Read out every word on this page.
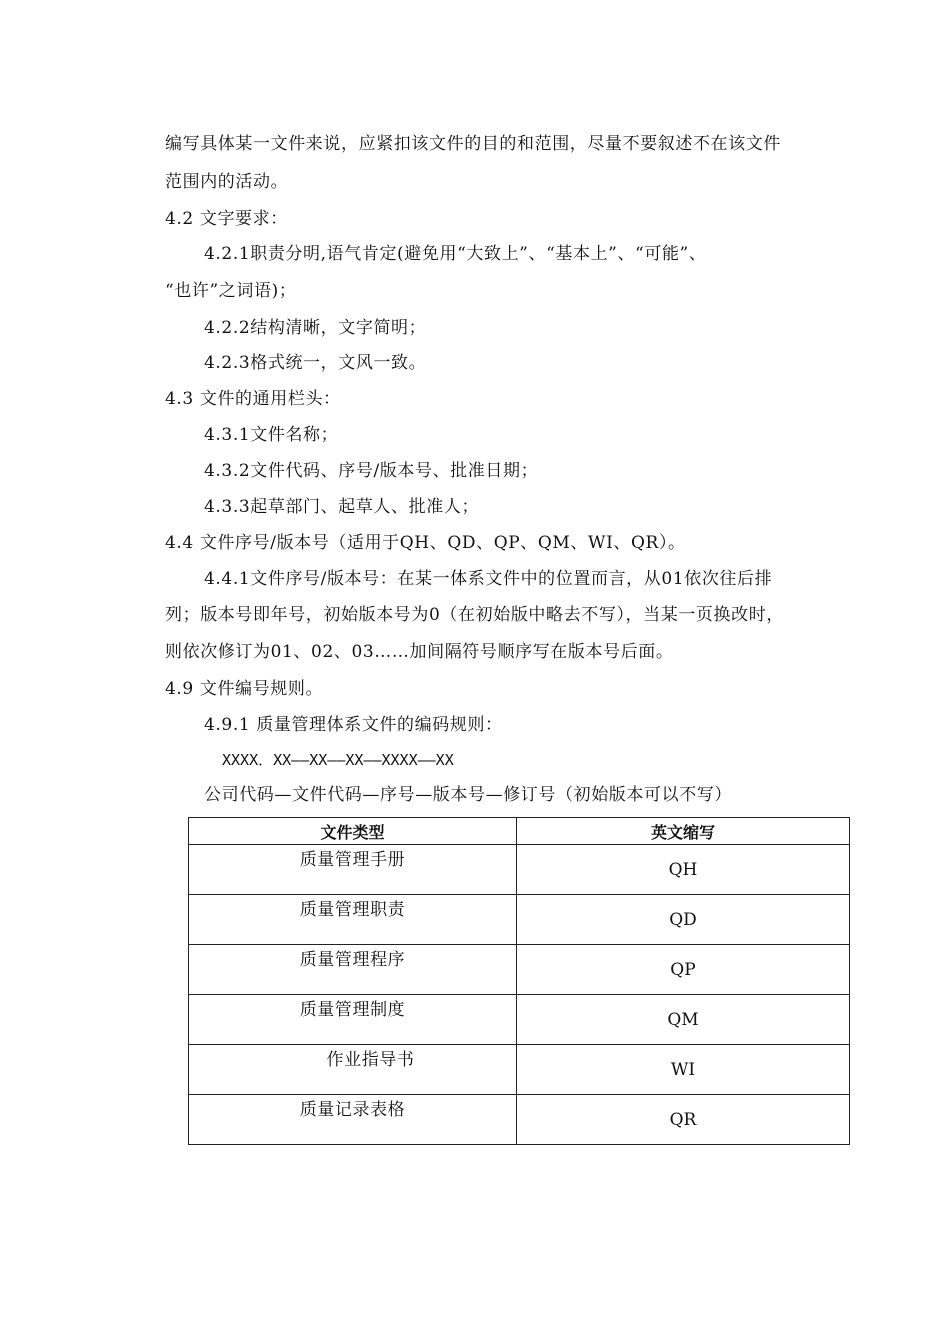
编写具体某一文件来说，应紧扣该文件的目的和范围，尽量不要叙述不在该文件
范围内的活动。
4.2 文字要求：
4.2.1职责分明,语气肯定(避免用“大致上”、“基本上”、“可能”、
“也许”之词语)；
4.2.2结构清晰，文字简明；
4.2.3格式统一，文风一致。
4.3 文件的通用栏头：
4.3.1文件名称；
4.3.2文件代码、序号/版本号、批准日期；
4.3.3起草部门、起草人、批准人；
4.4 文件序号/版本号（适用于QH、QD、QP、QM、WI、QR）。
4.4.1文件序号/版本号：在某一体系文件中的位置而言，从01依次往后排
列；版本号即年号，初始版本号为0（在初始版中略去不写），当某一页换改时，
则依次修订为01、02、03……加间隔符号顺序写在版本号后面。
4.9 文件编号规则。
4.9.1 质量管理体系文件的编码规则：
XXXX．XX——XX——XX——XXXX——XX
公司代码—文件代码—序号—版本号—修订号（初始版本可以不写）
文件类型	英文缩写
质量管理手册	QH
质量管理职责	QD
质量管理程序	QP
质量管理制度	QM
作业指导书	WI
质量记录表格	QR
